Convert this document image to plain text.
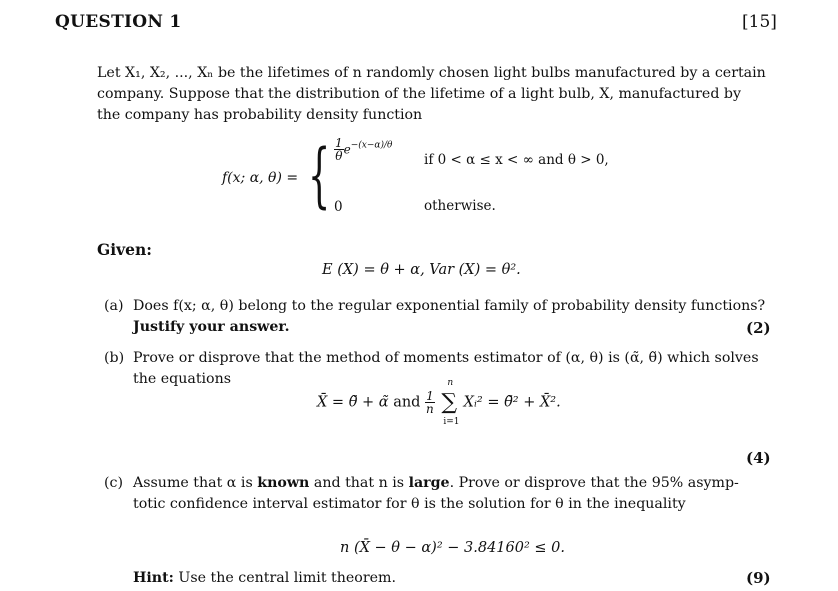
QUESTION 1	[15]
Let X₁, X₂, ..., Xₙ be the lifetimes of n randomly chosen light bulbs manufactured by a certain
company. Suppose that the distribution of the lifetime of a light bulb, X, manufactured by
the company has probability density function
f(x; α, θ) = { $\frac{1}{\theta} e^{-(x-\alpha)/\theta}$
if 0 < α ≤ x < ∞ and θ > 0,
0	otherwise.
Given:
E (X) = θ + α, Var (X) = θ².
(a) Does f(x; α, θ) belong to the regular exponential family of probability density functions?
Justify your answer.	(2)
(b) Prove or disprove that the method of moments estimator of (α, θ) is (α̃, θ̃) which solves
the equations
X̄ = θ̃ + α̃ and $\frac{1}{n}$ ∑
n
i=1
Xᵢ² = θ̃² + X̄².
(4)
(c) Assume that α is known and that n is large. Prove or disprove that the 95% asymp-
totic confidence interval estimator for θ is the solution for θ in the inequality
n (X̄ − θ − α)² − 3.84160² ≤ 0.
Hint: Use the central limit theorem.	(9)
